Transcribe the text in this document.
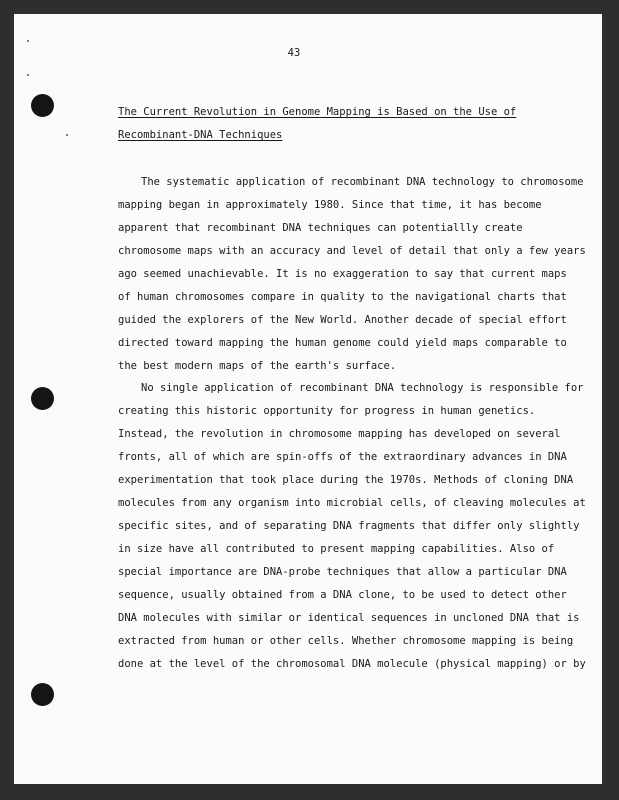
43
The Current Revolution in Genome Mapping is Based on the Use of
Recombinant-DNA Techniques
The systematic application of recombinant DNA technology to chromosome
mapping began in approximately 1980. Since that time, it has become
apparent that recombinant DNA techniques can potentiallly create
chromosome maps with an accuracy and level of detail that only a few years
ago seemed unachievable. It is no exaggeration to say that current maps
of human chromosomes compare in quality to the navigational charts that
guided the explorers of the New World. Another decade of special effort
directed toward mapping the human genome could yield maps comparable to
the best modern maps of the earth's surface.
No single application of recombinant DNA technology is responsible for
creating this historic opportunity for progress in human genetics.
Instead, the revolution in chromosome mapping has developed on several
fronts, all of which are spin-offs of the extraordinary advances in DNA
experimentation that took place during the 1970s. Methods of cloning DNA
molecules from any organism into microbial cells, of cleaving molecules at
specific sites, and of separating DNA fragments that differ only slightly
in size have all contributed to present mapping capabilities. Also of
special importance are DNA-probe techniques that allow a particular DNA
sequence, usually obtained from a DNA clone, to be used to detect other
DNA molecules with similar or identical sequences in uncloned DNA that is
extracted from human or other cells. Whether chromosome mapping is being
done at the level of the chromosomal DNA molecule (physical mapping) or by
